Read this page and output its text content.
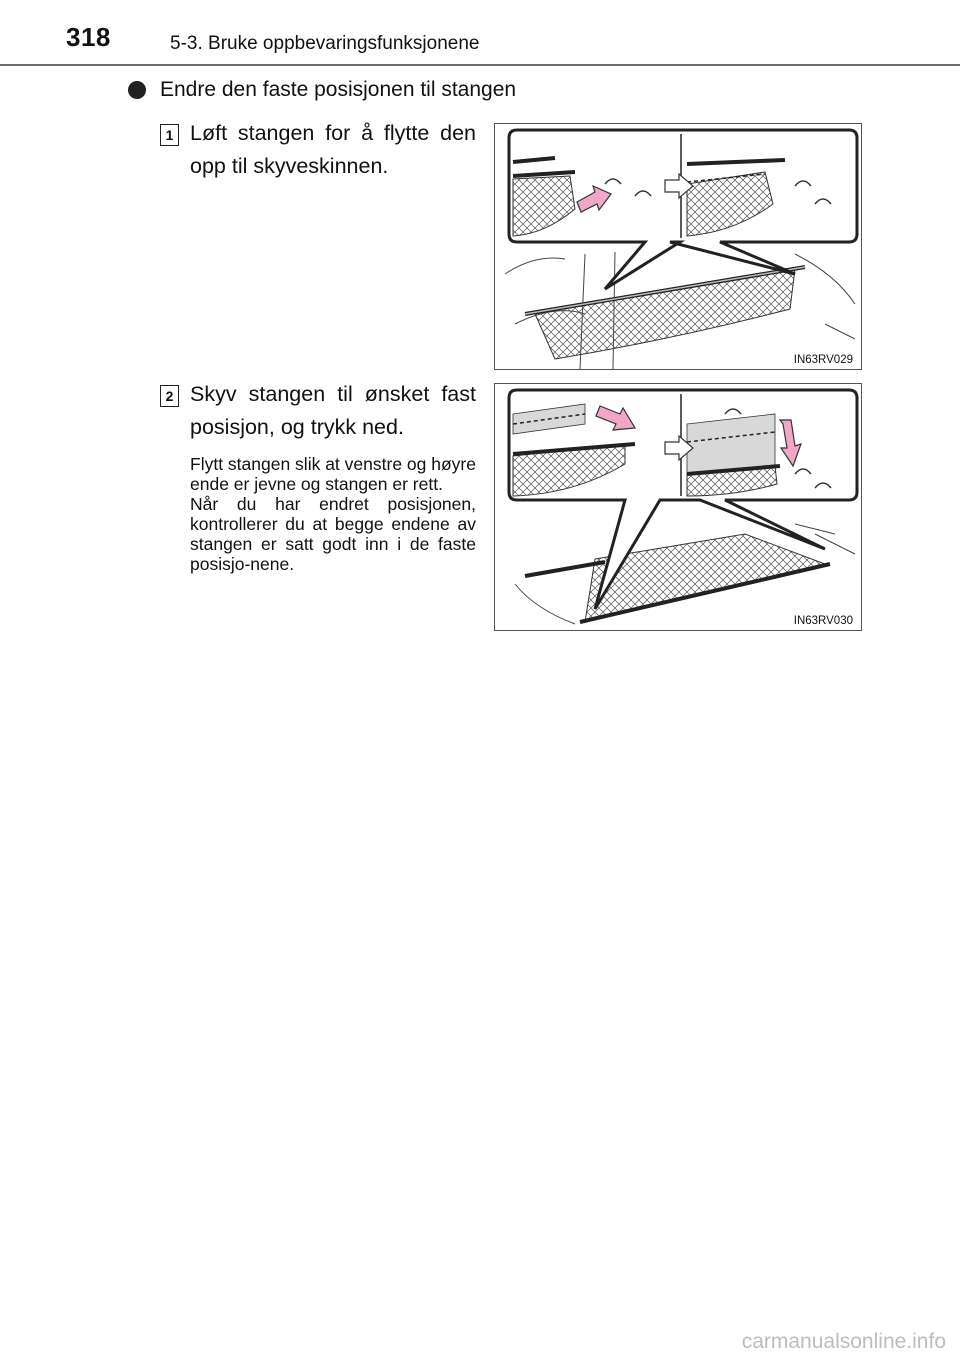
318	5-3. Bruke oppbevaringsfunksjonene
Endre den faste posisjonen til stangen
1 Løft stangen for å flytte den opp til skyveskinnen.
IN63RV029
2 Skyv stangen til ønsket fast posisjon, og trykk ned.

Flytt stangen slik at venstre og høyre ende er jevne og stangen er rett.

Når du har endret posisjonen, kontrollerer du at begge endene av stangen er satt godt inn i de faste posisjo-nene.

IN63RV030
carmanualsonline.info
